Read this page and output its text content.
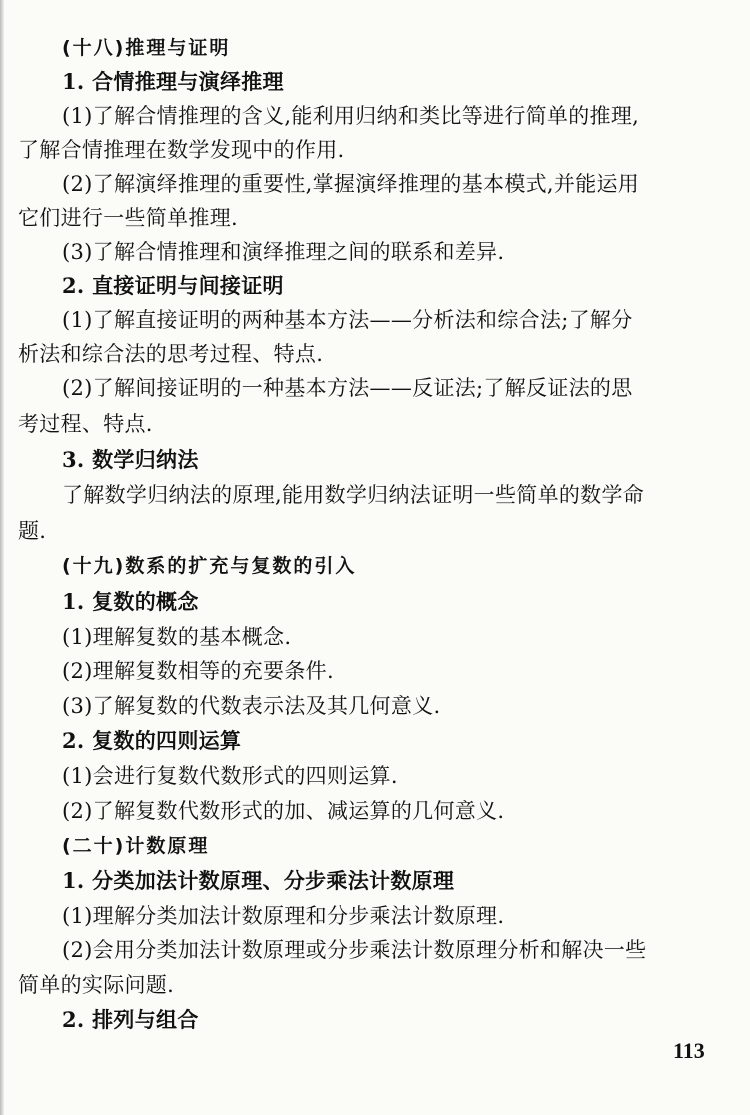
(十八)推理与证明
1. 合情推理与演绎推理
(1)了解合情推理的含义,能利用归纳和类比等进行简单的推理,
了解合情推理在数学发现中的作用.
(2)了解演绎推理的重要性,掌握演绎推理的基本模式,并能运用
它们进行一些简单推理.
(3)了解合情推理和演绎推理之间的联系和差异.
2. 直接证明与间接证明
(1)了解直接证明的两种基本方法——分析法和综合法;了解分
析法和综合法的思考过程、特点.
(2)了解间接证明的一种基本方法——反证法;了解反证法的思
考过程、特点.
3. 数学归纳法
了解数学归纳法的原理,能用数学归纳法证明一些简单的数学命
题.
(十九)数系的扩充与复数的引入
1. 复数的概念
(1)理解复数的基本概念.
(2)理解复数相等的充要条件.
(3)了解复数的代数表示法及其几何意义.
2. 复数的四则运算
(1)会进行复数代数形式的四则运算.
(2)了解复数代数形式的加、减运算的几何意义.
(二十)计数原理
1. 分类加法计数原理、分步乘法计数原理
(1)理解分类加法计数原理和分步乘法计数原理.
(2)会用分类加法计数原理或分步乘法计数原理分析和解决一些
简单的实际问题.
2. 排列与组合
113
